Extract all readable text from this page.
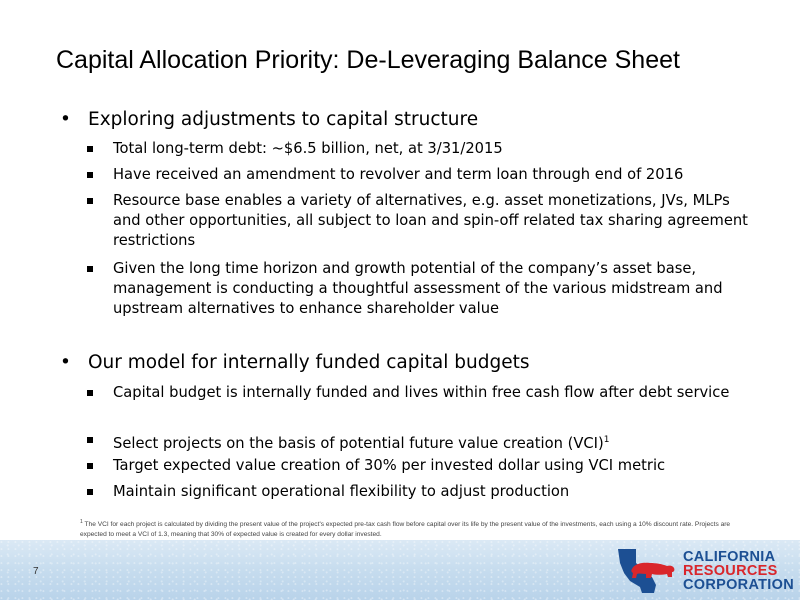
Capital Allocation Priority: De-Leveraging Balance Sheet
• Exploring adjustments to capital structure
Total long-term debt: ~$6.5 billion, net, at 3/31/2015
Have received an amendment to revolver and term loan through end of 2016
Resource base enables a variety of alternatives, e.g. asset monetizations, JVs, MLPs and other opportunities, all subject to loan and spin-off related tax sharing agreement restrictions
Given the long time horizon and growth potential of the company’s asset base, management is conducting a thoughtful assessment of the various midstream and upstream alternatives to enhance shareholder value
• Our model for internally funded capital budgets
Capital budget is internally funded and lives within free cash flow after debt service
Select projects on the basis of potential future value creation (VCI)$^1$
Target expected value creation of 30% per invested dollar using VCI metric
Maintain significant operational flexibility to adjust production
$^1$ The VCI for each project is calculated by dividing the present value of the project's expected pre-tax cash flow before capital over its life by the present value of the investments, each using a 10% discount rate. Projects are expected to meet a VCI of 1.3, meaning that 30% of expected value is created for every dollar invested.
7
CALIFORNIA
RESOURCES
CORPORATION
